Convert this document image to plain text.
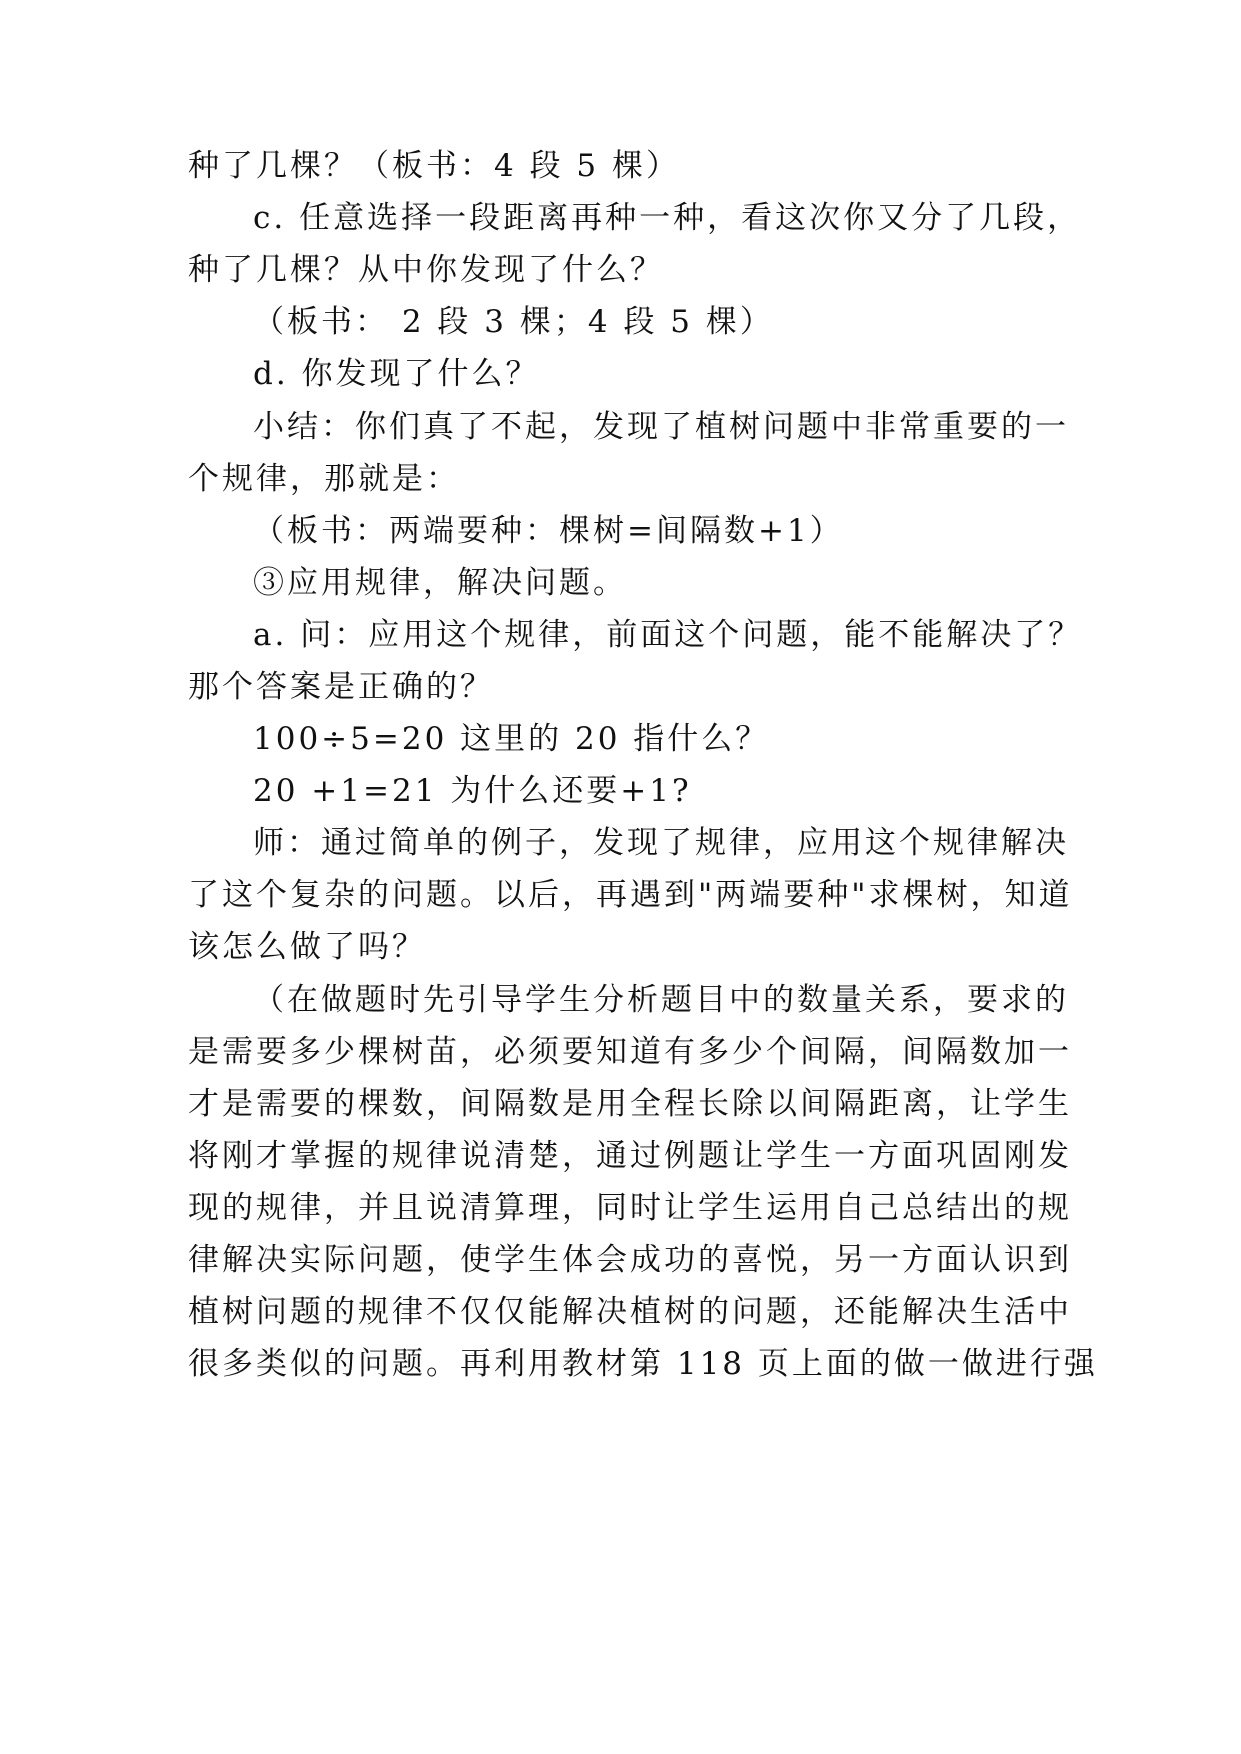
种了几棵？（板书：4 段 5 棵）
c. 任意选择一段距离再种一种，看这次你又分了几段，
种了几棵？从中你发现了什么？
（板书： 2 段 3 棵；4 段 5 棵）
d. 你发现了什么？
小结：你们真了不起，发现了植树问题中非常重要的一
个规律，那就是：
（板书：两端要种：棵树=间隔数+1）
③应用规律，解决问题。
a. 问：应用这个规律，前面这个问题，能不能解决了？
那个答案是正确的？
100÷5=20 这里的 20 指什么？
20 +1=21 为什么还要+1?
师：通过简单的例子，发现了规律，应用这个规律解决
了这个复杂的问题。以后，再遇到"两端要种"求棵树，知道
该怎么做了吗？
（在做题时先引导学生分析题目中的数量关系，要求的
是需要多少棵树苗，必须要知道有多少个间隔，间隔数加一
才是需要的棵数，间隔数是用全程长除以间隔距离，让学生
将刚才掌握的规律说清楚，通过例题让学生一方面巩固刚发
现的规律，并且说清算理，同时让学生运用自己总结出的规
律解决实际问题，使学生体会成功的喜悦，另一方面认识到
植树问题的规律不仅仅能解决植树的问题，还能解决生活中
很多类似的问题。再利用教材第 118 页上面的做一做进行强
